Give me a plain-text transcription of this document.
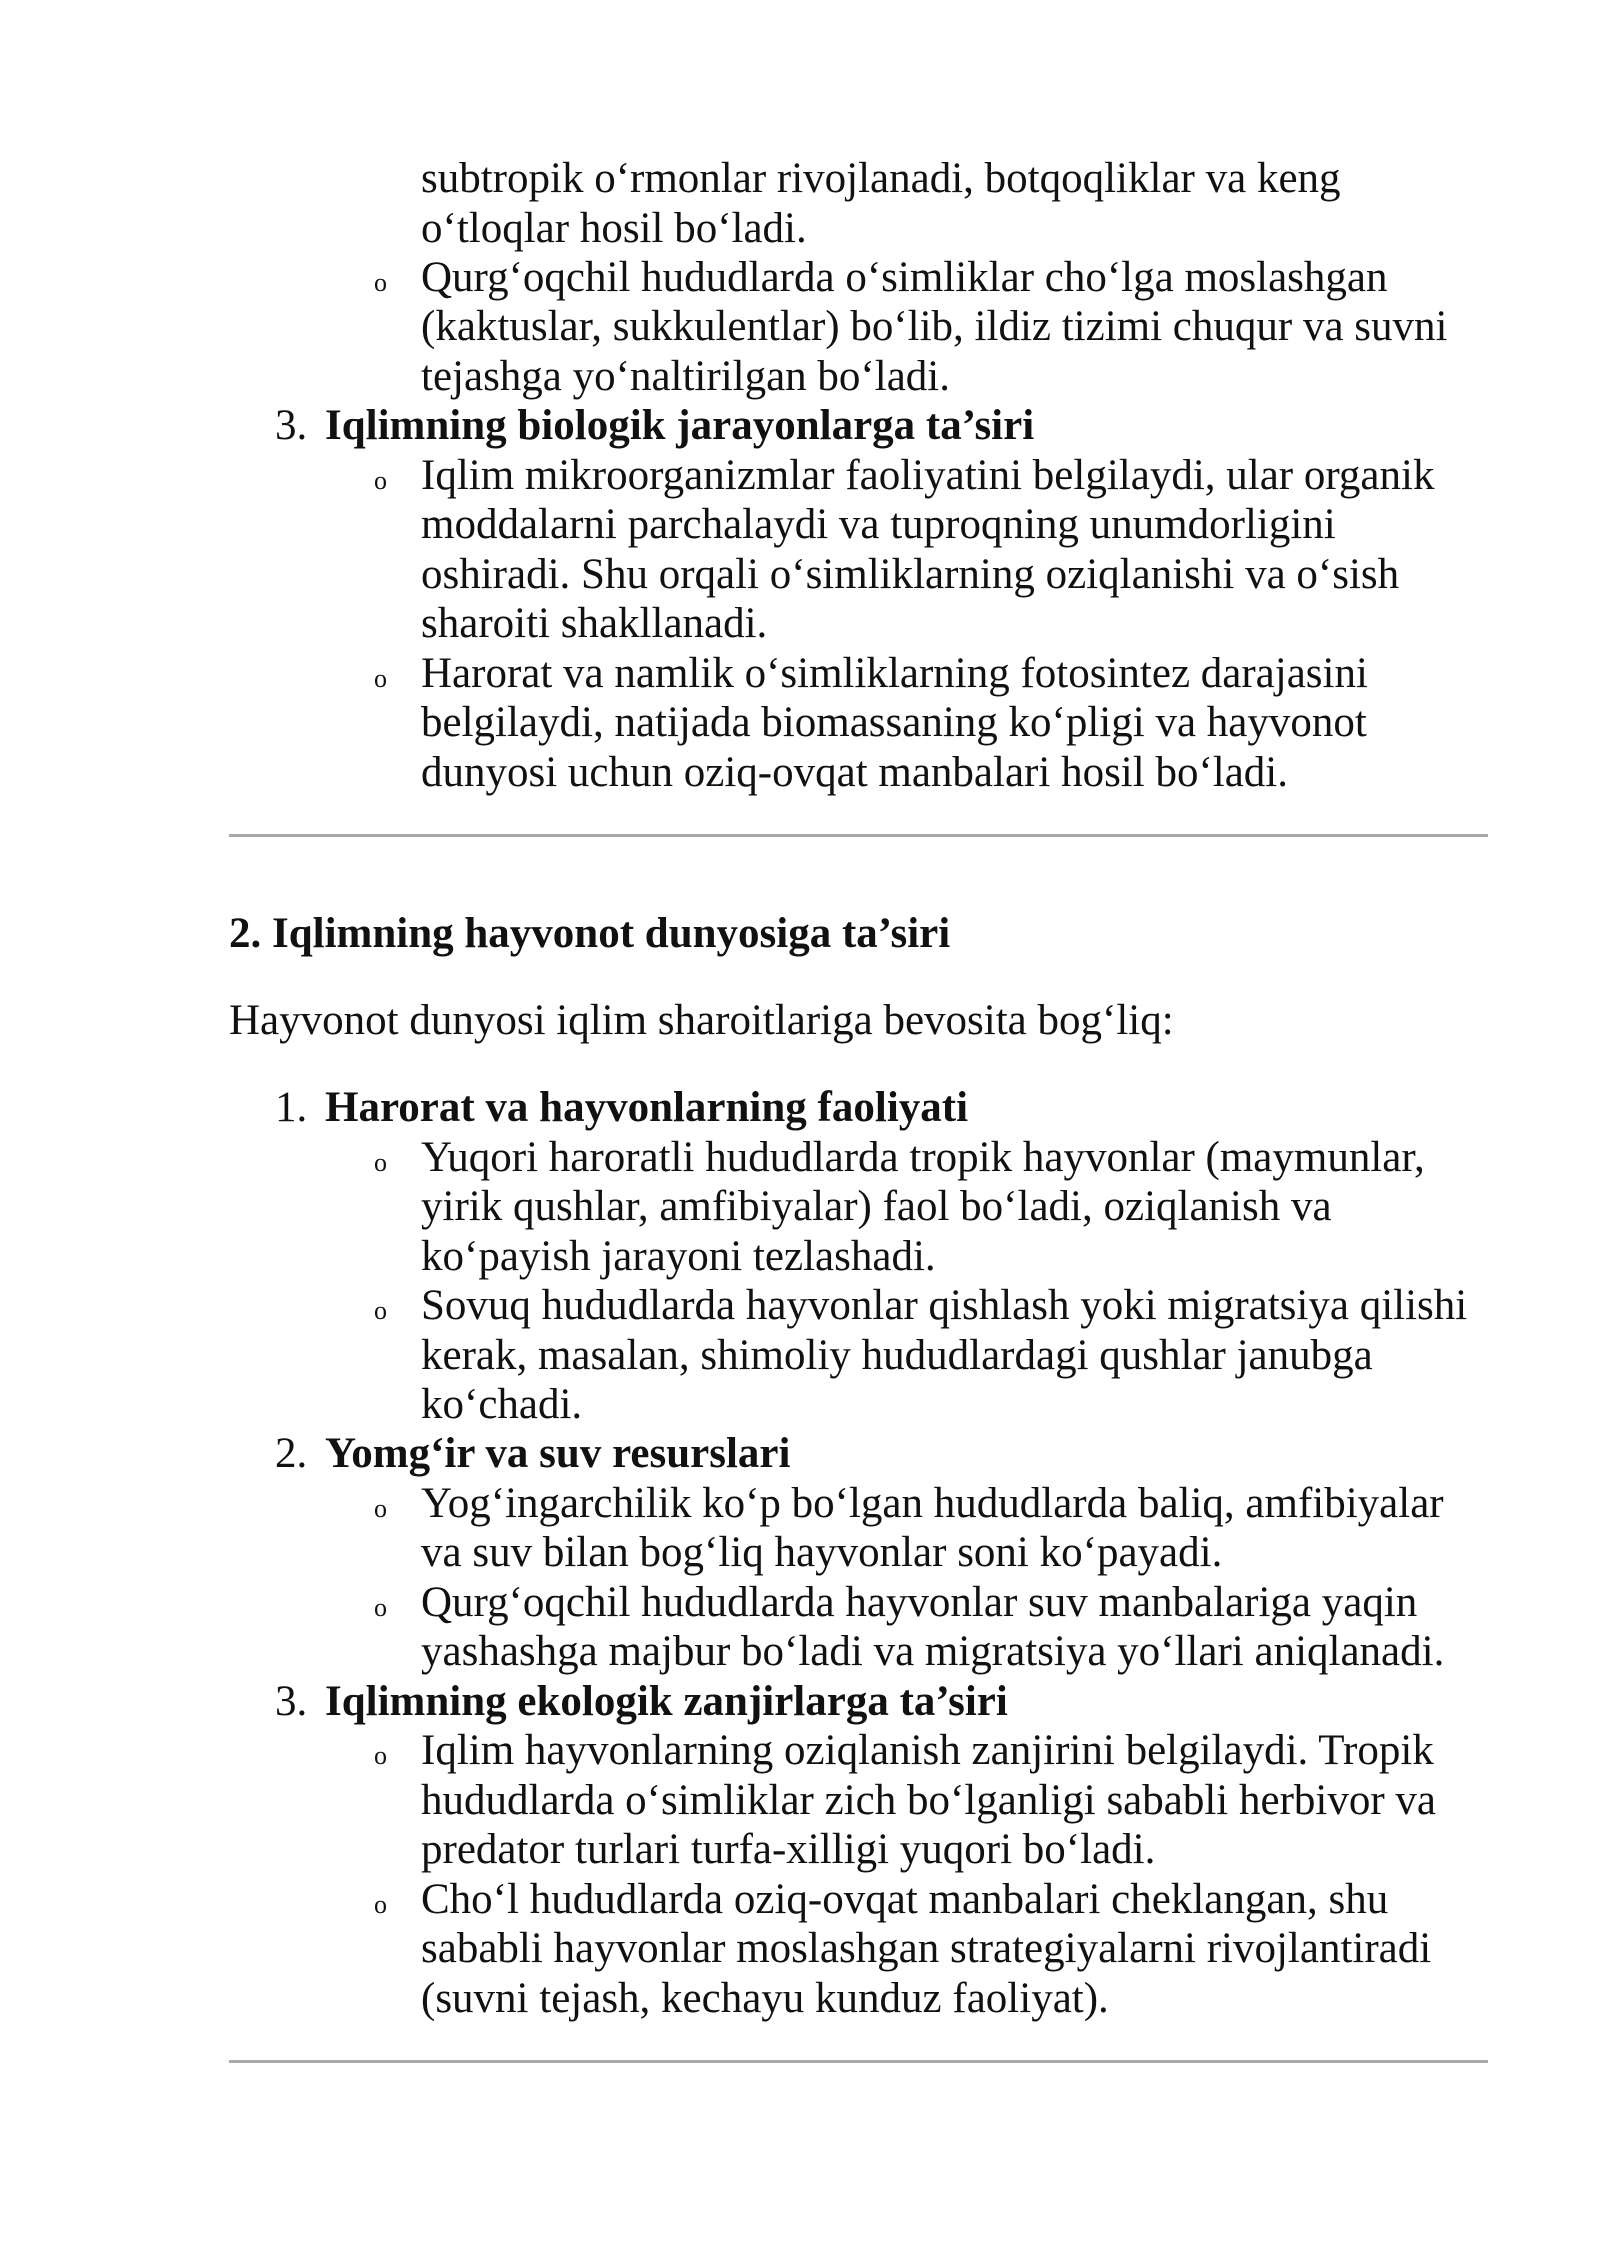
subtropik o‘rmonlar rivojlanadi, botqoqliklar va keng
o‘tloqlar hosil bo‘ladi.
o Qurg‘oqchil hududlarda o‘simliklar cho‘lga moslashgan
(kaktuslar, sukkulentlar) bo‘lib, ildiz tizimi chuqur va suvni
tejashga yo‘naltirilgan bo‘ladi.
3. Iqlimning biologik jarayonlarga ta’siri
o Iqlim mikroorganizmlar faoliyatini belgilaydi, ular organik
moddalarni parchalaydi va tuproqning unumdorligini
oshiradi. Shu orqali o‘simliklarning oziqlanishi va o‘sish
sharoiti shakllanadi.
o Harorat va namlik o‘simliklarning fotosintez darajasini
belgilaydi, natijada biomassaning ko‘pligi va hayvonot
dunyosi uchun oziq-ovqat manbalari hosil bo‘ladi.
2. Iqlimning hayvonot dunyosiga ta’siri
Hayvonot dunyosi iqlim sharoitlariga bevosita bog‘liq:
1. Harorat va hayvonlarning faoliyati
o Yuqori haroratli hududlarda tropik hayvonlar (maymunlar,
yirik qushlar, amfibiyalar) faol bo‘ladi, oziqlanish va
ko‘payish jarayoni tezlashadi.
o Sovuq hududlarda hayvonlar qishlash yoki migratsiya qilishi
kerak, masalan, shimoliy hududlardagi qushlar janubga
ko‘chadi.
2. Yomg‘ir va suv resurslari
o Yog‘ingarchilik ko‘p bo‘lgan hududlarda baliq, amfibiyalar
va suv bilan bog‘liq hayvonlar soni ko‘payadi.
o Qurg‘oqchil hududlarda hayvonlar suv manbalariga yaqin
yashashga majbur bo‘ladi va migratsiya yo‘llari aniqlanadi.
3. Iqlimning ekologik zanjirlarga ta’siri
o Iqlim hayvonlarning oziqlanish zanjirini belgilaydi. Tropik
hududlarda o‘simliklar zich bo‘lganligi sababli herbivor va
predator turlari turfa-xilligi yuqori bo‘ladi.
o Cho‘l hududlarda oziq-ovqat manbalari cheklangan, shu
sababli hayvonlar moslashgan strategiyalarni rivojlantiradi
(suvni tejash, kechayu kunduz faoliyat).
